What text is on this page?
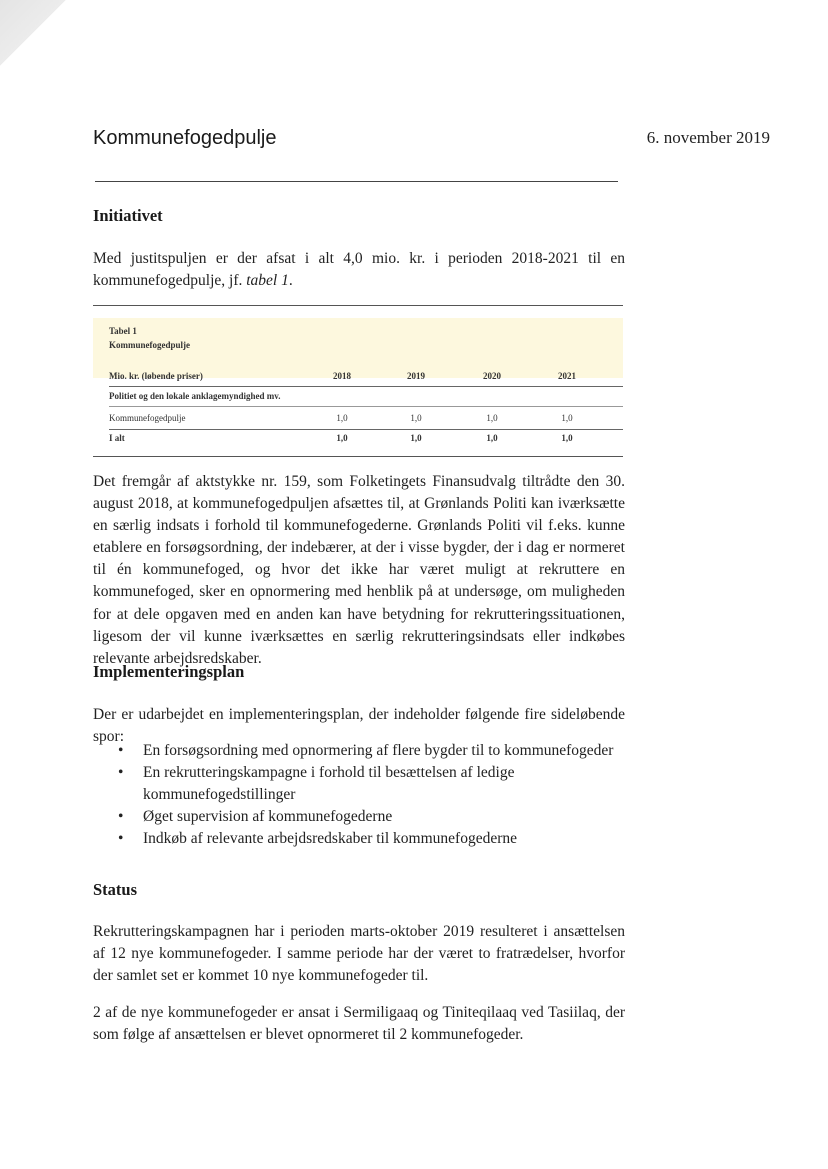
Kommunefogedpulje	6. november 2019
Initiativet

Med justitspuljen er der afsat i alt 4,0 mio. kr. i perioden 2018-2021 til en kommunefogedpulje, jf. tabel 1.

Tabel 1
Kommunefogedpulje
Mio. kr. (løbende priser)	2018	2019	2020	2021
Politiet og den lokale anklagemyndighed mv.
Kommunefogedpulje	1,0	1,0	1,0	1,0
I alt	1,0	1,0	1,0	1,0

Det fremgår af aktstykke nr. 159, som Folketingets Finansudvalg tiltrådte den 30. august 2018, at kommunefogedpuljen afsættes til, at Grønlands Politi kan iværksætte en særlig indsats i forhold til kommunefogederne. Grønlands Politi vil f.eks. kunne etablere en forsøgsordning, der indebærer, at der i visse bygder, der i dag er normeret til én kommunefoged, og hvor det ikke har været muligt at rekruttere en kommunefoged, sker en opnormering med henblik på at undersøge, om muligheden for at dele opgaven med en anden kan have betydning for rekrutteringssituationen, ligesom der vil kunne iværksættes en særlig rekrutteringsindsats eller indkøbes relevante arbejdsredskaber.

Implementeringsplan

Der er udarbejdet en implementeringsplan, der indeholder følgende fire sideløbende spor:

• En forsøgsordning med opnormering af flere bygder til to kommunefogeder
• En rekrutteringskampagne i forhold til besættelsen af ledige kommunefogedstillinger
• Øget supervision af kommunefogederne
• Indkøb af relevante arbejdsredskaber til kommunefogederne
Status

Rekrutteringskampagnen har i perioden marts-oktober 2019 resulteret i ansættelsen af 12 nye kommunefogeder. I samme periode har der været to fratrædelser, hvorfor der samlet set er kommet 10 nye kommunefogeder til.

2 af de nye kommunefogeder er ansat i Sermiligaaq og Tiniteqilaaq ved Tasiilaq, der som følge af ansættelsen er blevet opnormeret til 2 kommunefogeder.
